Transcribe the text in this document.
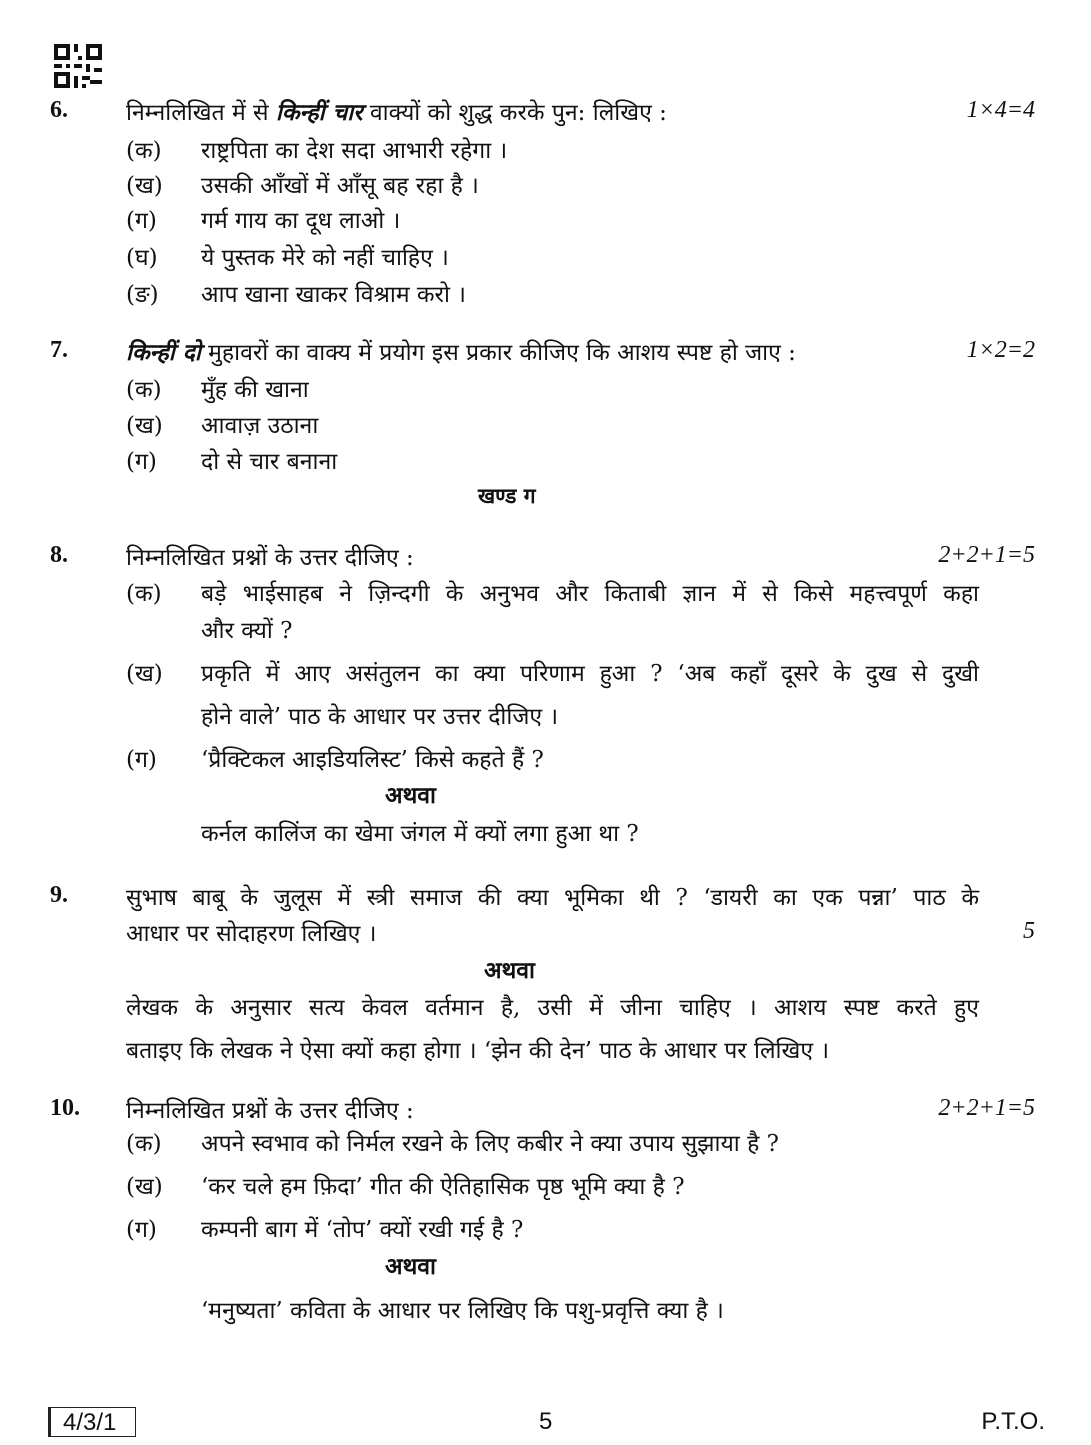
6.	निम्नलिखित में से किन्हीं चार वाक्यों को शुद्ध करके पुन: लिखिए :	1×4=4
(क) राष्ट्रपिता का देश सदा आभारी रहेगा ।
(ख) उसकी आँखों में आँसू बह रहा है ।
(ग) गर्म गाय का दूध लाओ ।
(घ) ये पुस्तक मेरे को नहीं चाहिए ।
(ङ) आप खाना खाकर विश्राम करो ।
7.	किन्हीं दो मुहावरों का वाक्य में प्रयोग इस प्रकार कीजिए कि आशय स्पष्ट हो जाए :	1×2=2
(क) मुँह की खाना
(ख) आवाज़ उठाना
(ग) दो से चार बनाना
खण्ड ग
8.	निम्नलिखित प्रश्नों के उत्तर दीजिए :	2+2+1=5
(क) बड़े भाईसाहब ने ज़िन्दगी के अनुभव और किताबी ज्ञान में से किसे महत्त्वपूर्ण कहा
और क्यों ?
(ख) प्रकृति में आए असंतुलन का क्या परिणाम हुआ ? ‘अब कहाँ दूसरे के दुख से दुखी
होने वाले’ पाठ के आधार पर उत्तर दीजिए ।
(ग) ‘प्रैक्टिकल आइडियलिस्ट’ किसे कहते हैं ?
अथवा
कर्नल कालिंज का खेमा जंगल में क्यों लगा हुआ था ?
9.	सुभाष बाबू के जुलूस में स्त्री समाज की क्या भूमिका थी ? ‘डायरी का एक पन्ना’ पाठ के
आधार पर सोदाहरण लिखिए ।	5
अथवा
लेखक के अनुसार सत्य केवल वर्तमान है, उसी में जीना चाहिए । आशय स्पष्ट करते हुए
बताइए कि लेखक ने ऐसा क्यों कहा होगा । ‘झेन की देन’ पाठ के आधार पर लिखिए ।
10. निम्नलिखित प्रश्नों के उत्तर दीजिए :	2+2+1=5
(क) अपने स्वभाव को निर्मल रखने के लिए कबीर ने क्या उपाय सुझाया है ?
(ख) ‘कर चले हम फ़िदा’ गीत की ऐतिहासिक पृष्ठ भूमि क्या है ?
(ग) कम्पनी बाग में ‘तोप’ क्यों रखी गई है ?
अथवा
‘मनुष्यता’ कविता के आधार पर लिखिए कि पशु-प्रवृत्ति क्या है ।
4/3/1	5	P.T.O.
